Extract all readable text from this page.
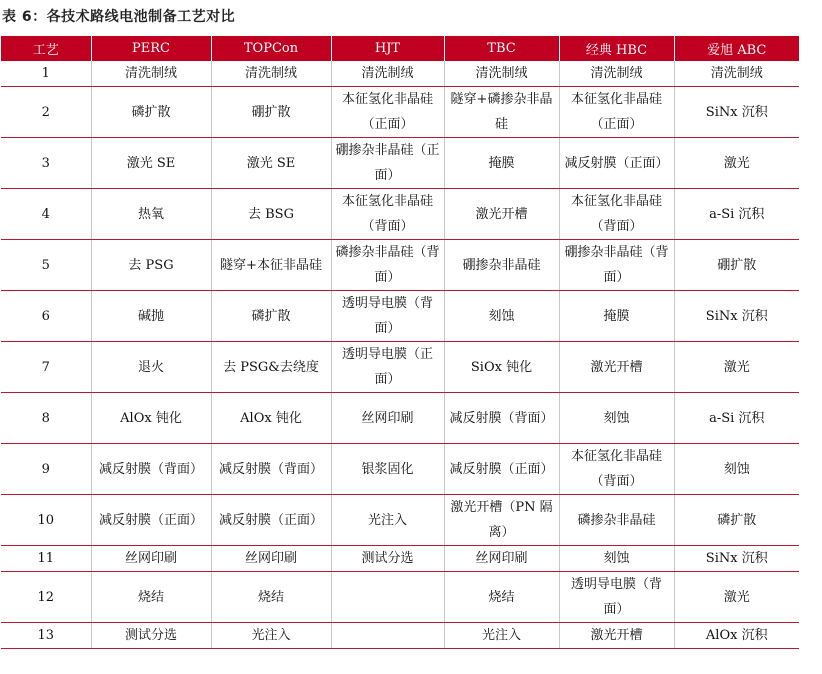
表 6：各技术路线电池制备工艺对比
工艺	PERC	TOPCon	HJT	TBC	经典 HBC	爱旭 ABC
1	清洗制绒	清洗制绒	清洗制绒	清洗制绒	清洗制绒	清洗制绒
2	磷扩散	硼扩散	本征氢化非晶硅（正面）	隧穿+磷掺杂非晶硅	本征氢化非晶硅（正面）	SiNx 沉积
3	激光 SE	激光 SE	硼掺杂非晶硅（正面）	掩膜	减反射膜（正面）	激光
4	热氧	去 BSG	本征氢化非晶硅（背面）	激光开槽	本征氢化非晶硅（背面）	a-Si 沉积
5	去 PSG	隧穿+本征非晶硅	磷掺杂非晶硅（背面）	硼掺杂非晶硅	硼掺杂非晶硅（背面）	硼扩散
6	碱抛	磷扩散	透明导电膜（背面）	刻蚀	掩膜	SiNx 沉积
7	退火	去 PSG&去绕度	透明导电膜（正面）	SiOx 钝化	激光开槽	激光
8	AlOx 钝化	AlOx 钝化	丝网印刷	减反射膜（背面）	刻蚀	a-Si 沉积
9	减反射膜（背面）	减反射膜（背面）	银浆固化	减反射膜（正面）	本征氢化非晶硅（背面）	刻蚀
10	减反射膜（正面）	减反射膜（正面）	光注入	激光开槽（PN 隔离）	磷掺杂非晶硅	磷扩散
11	丝网印刷	丝网印刷	测试分选	丝网印刷	刻蚀	SiNx 沉积
12	烧结	烧结		烧结	透明导电膜（背面）	激光
13	测试分选	光注入		光注入	激光开槽	AlOx 沉积
